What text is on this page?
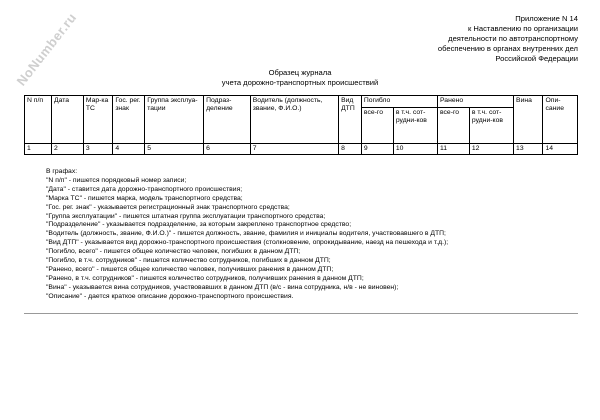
NoNumber.ru	Приложение N 14
к Наставлению по организации
деятельности по автотранспортному
обеспечению в органах внутренних дел
Российской Федерации
Образец журнала
учета дорожно-транспортных происшествий
N п/п	Дата	Мар-ка ТС	Гос. рег. знак	Группа эксплуа-тации	Подраз-деление	Водитель (должность, звание, Ф.И.О.)	Вид ДТП	Погибло		Ранено		Вина	Опи-сание
								все-го	в т.ч. сот-рудни-ков	все-го	в т.ч. сот-рудни-ков		
1	2	3	4	5	6	7	8	9	10	11	12	13	14
В графах:
"N п/п" - пишется порядковый номер записи;
"Дата" - ставится дата дорожно-транспортного происшествия;
"Марка ТС" - пишется марка, модель транспортного средства;
"Гос. рег. знак" - указывается регистрационный знак транспортного средства;
"Группа эксплуатации" - пишется штатная группа эксплуатации транспортного средства;
"Подразделение" - указывается подразделение, за которым закреплено транспортное средство;
"Водитель (должность, звание, Ф.И.О.)" - пишется должность, звание, фамилия и инициалы водителя, участвовавшего в ДТП;
"Вид ДТП" - указывается вид дорожно-транспортного происшествия (столкновение, опрокидывание, наезд на пешехода и т.д.);
"Погибло, всего" - пишется общее количество человек, погибших в данном ДТП;
"Погибло, в т.ч. сотрудников" - пишется количество сотрудников, погибших в данном ДТП;
"Ранено, всего" - пишется общее количество человек, получивших ранения в данном ДТП;
"Ранено, в т.ч. сотрудников" - пишется количество сотрудников, получивших ранения в данном ДТП;
"Вина" - указывается вина сотрудников, участвовавших в данном ДТП (в/с - вина сотрудника, н/в - не виновен);
"Описание" - дается краткое описание дорожно-транспортного происшествия.
